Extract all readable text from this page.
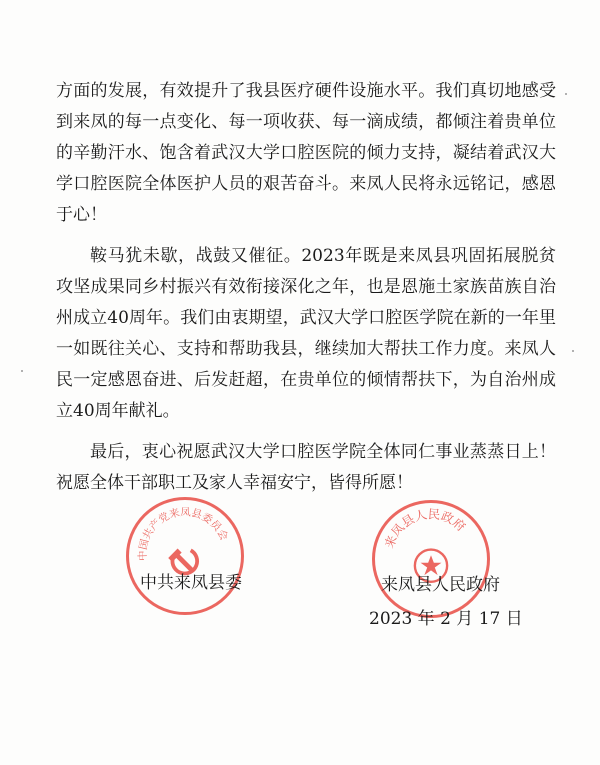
方面的发展，有效提升了我县医疗硬件设施水平。我们真切地感受到来凤的每一点变化、每一项收获、每一滴成绩，都倾注着贵单位的辛勤汗水、饱含着武汉大学口腔医院的倾力支持，凝结着武汉大学口腔医院全体医护人员的艰苦奋斗。来凤人民将永远铭记，感恩于心！

鞍马犹未歇，战鼓又催征。2023年既是来凤县巩固拓展脱贫攻坚成果同乡村振兴有效衔接深化之年，也是恩施土家族苗族自治州成立40周年。我们由衷期望，武汉大学口腔医学院在新的一年里一如既往关心、支持和帮助我县，继续加大帮扶工作力度。来凤人民一定感恩奋进、后发赶超，在贵单位的倾情帮扶下，为自治州成立40周年献礼。

最后，衷心祝愿武汉大学口腔医学院全体同仁事业蒸蒸日上！祝愿全体干部职工及家人幸福安宁，皆得所愿！

中国共产党来凤县委员会	来凤县人民政府
中共来凤县委	来凤县人民政府
2023 年 2 月 17 日
